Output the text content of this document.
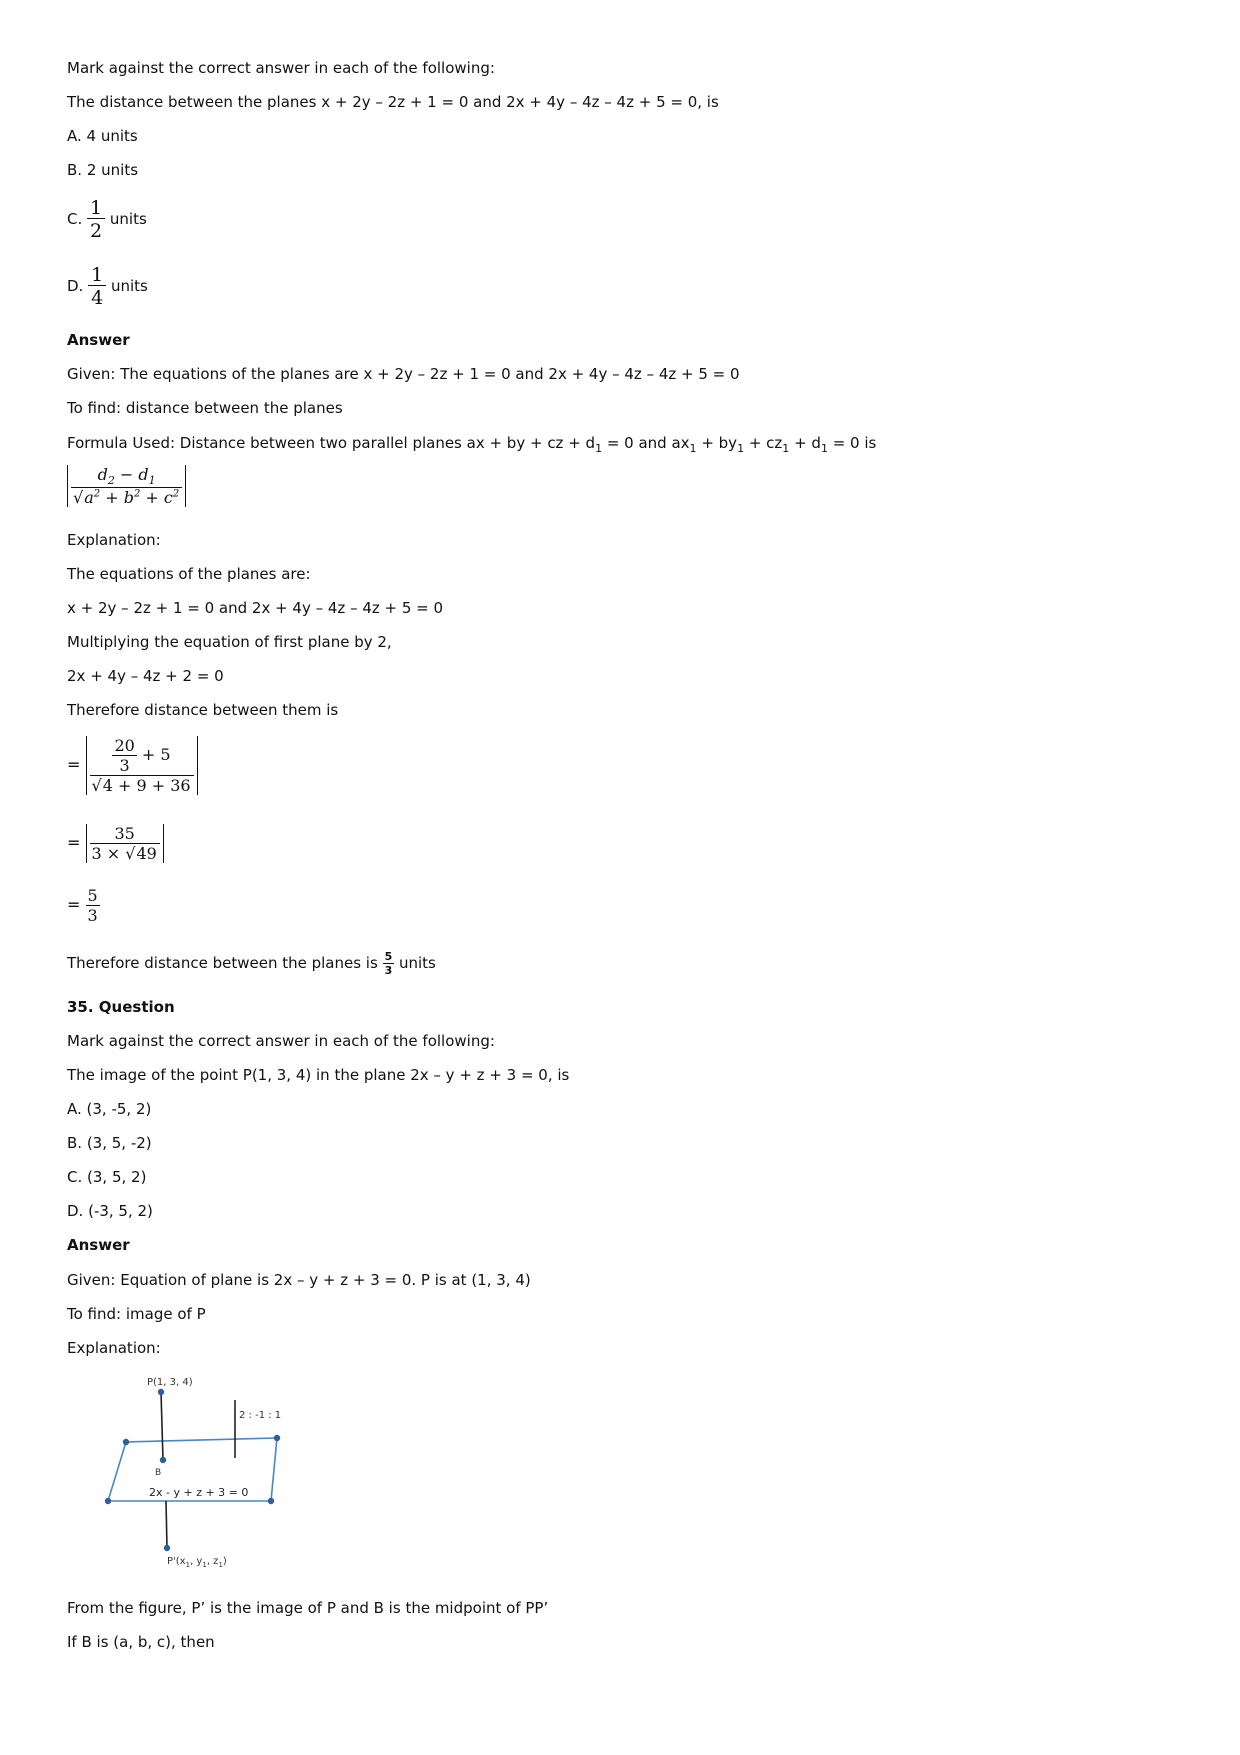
Mark against the correct answer in each of the following:
The distance between the planes x + 2y – 2z + 1 = 0 and 2x + 4y – 4z – 4z + 5 = 0, is
A. 4 units
B. 2 units
C. $\frac{1}{2}$ units
D. $\frac{1}{4}$ units
Answer
Given: The equations of the planes are x + 2y – 2z + 1 = 0 and 2x + 4y – 4z – 4z + 5 = 0
To find: distance between the planes
Formula Used: Distance between two parallel planes ax + by + cz + $d_1 = 0$ and $ax_1 + by_1 + cz_1 + d_1 = 0$ is
$\frac{d_2 - d_1}{√a^2 + b^2 + c^2}$
Explanation:
The equations of the planes are:
x + 2y – 2z + 1 = 0 and 2x + 4y – 4z – 4z + 5 = 0
Multiplying the equation of first plane by 2,
2x + 4y – 4z + 2 = 0
Therefore distance between them is
= $\frac{\frac{20}{3} + 5}{√4 + 9 + 36}$
= $\frac{35}{3 \times √49}$
= $\frac{5}{3}$
Therefore distance between the planes is $\frac{5}{3}$ units
35. Question
Mark against the correct answer in each of the following:
The image of the point P(1, 3, 4) in the plane 2x – y + z + 3 = 0, is
A. (3, -5, 2)
B. (3, 5, -2)
C. (3, 5, 2)
D. (-3, 5, 2)
Answer
Given: Equation of plane is 2x – y + z + 3 = 0. P is at (1, 3, 4)
To find: image of P
Explanation:
P(1, 3, 4)
2 : -1 : 1
B
2x - y + z + 3 = 0
$P'(x_1$, $y_1$, $z_1$)
From the figure, P’ is the image of P and B is the midpoint of PP’
If B is (a, b, c), then
